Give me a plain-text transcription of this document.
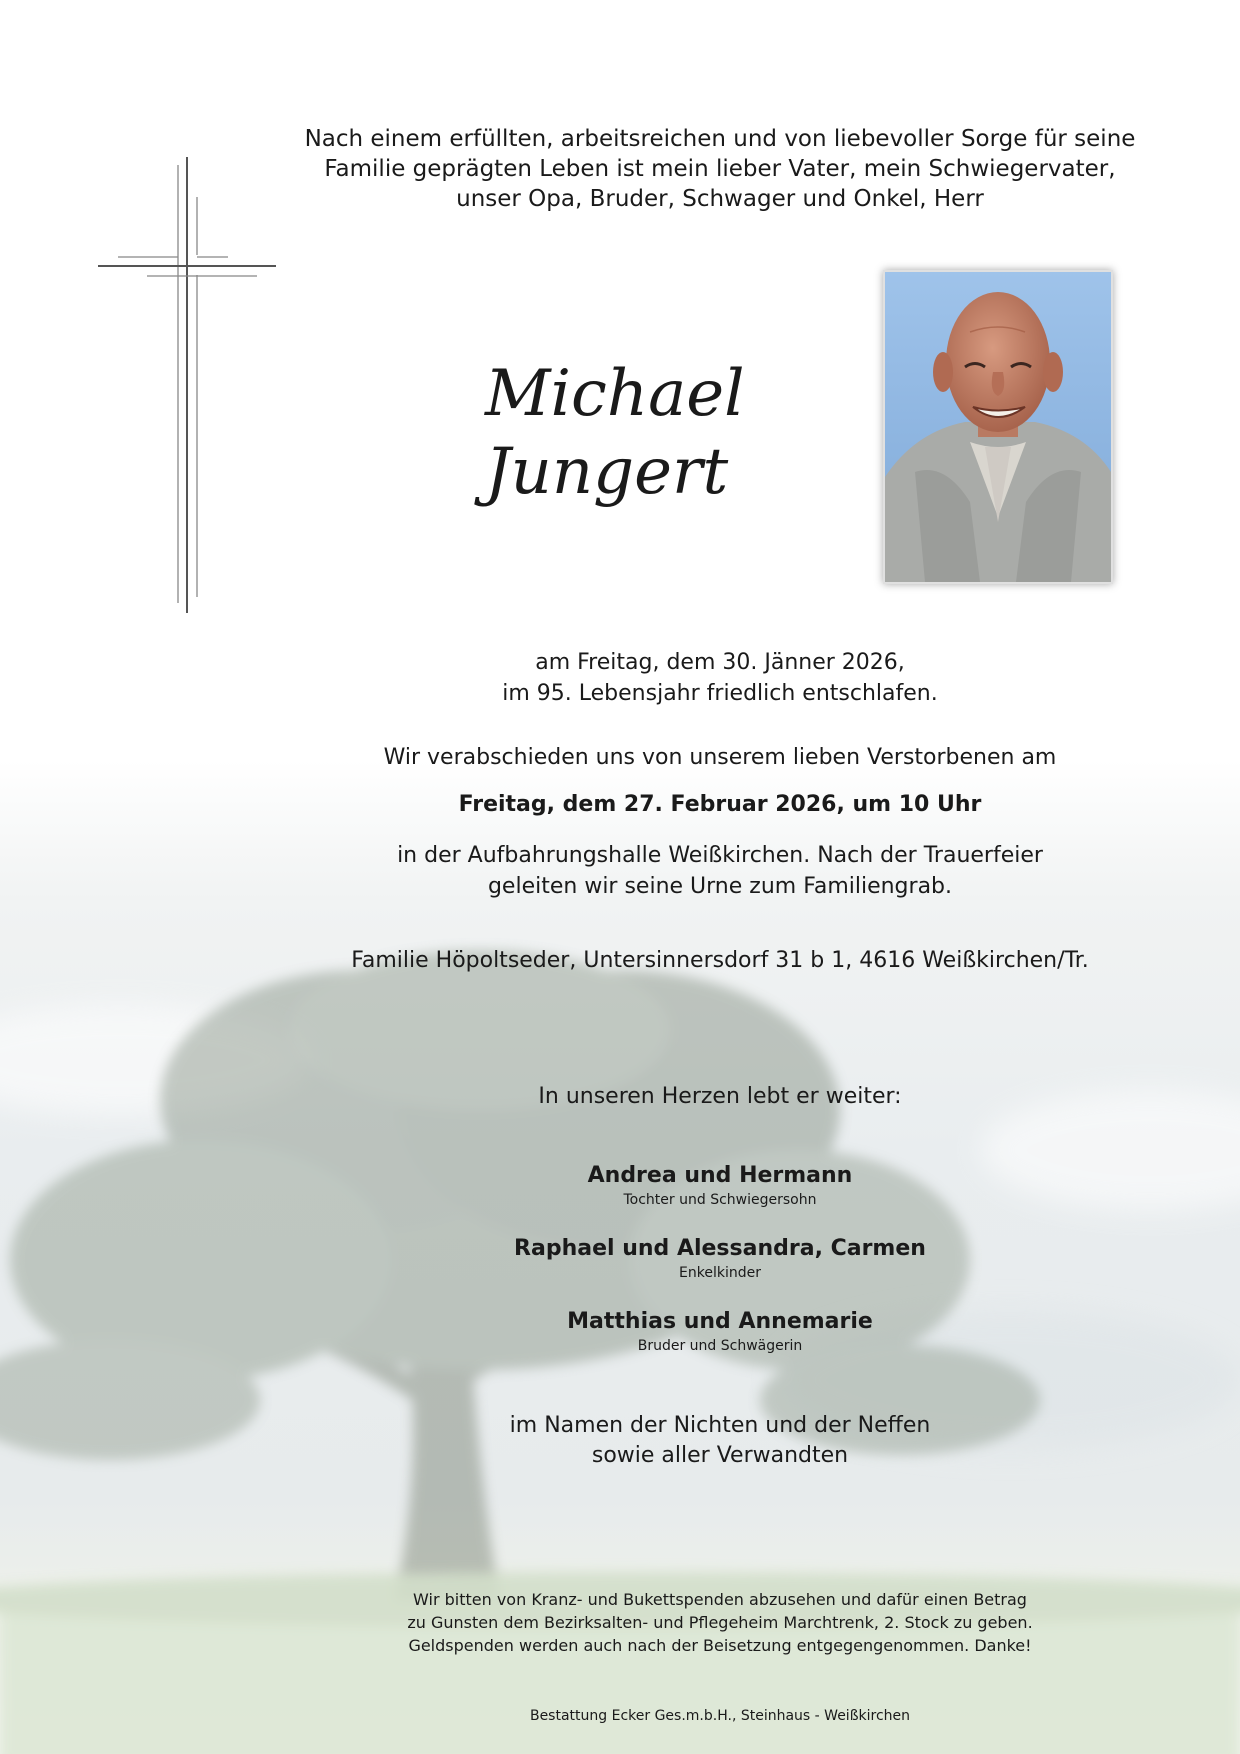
Nach einem erfüllten, arbeitsreichen und von liebevoller Sorge für seine
Familie geprägten Leben ist mein lieber Vater, mein Schwiegervater,
unser Opa, Bruder, Schwager und Onkel, Herr
Michael
Jungert
am Freitag, dem 30. Jänner 2026,
im 95. Lebensjahr friedlich entschlafen.
Wir verabschieden uns von unserem lieben Verstorbenen am
Freitag, dem 27. Februar 2026, um 10 Uhr
in der Aufbahrungshalle Weißkirchen. Nach der Trauerfeier
geleiten wir seine Urne zum Familiengrab.
Familie Höpoltseder, Untersinnersdorf 31 b 1, 4616 Weißkirchen/Tr.
In unseren Herzen lebt er weiter:
Andrea und Hermann
Tochter und Schwiegersohn
Raphael und Alessandra, Carmen
Enkelkinder
Matthias und Annemarie
Bruder und Schwägerin
im Namen der Nichten und der Neffen
sowie aller Verwandten
Wir bitten von Kranz- und Bukettspenden abzusehen und dafür einen Betrag
zu Gunsten dem Bezirksalten- und Pflegeheim Marchtrenk, 2. Stock zu geben.
Geldspenden werden auch nach der Beisetzung entgegengenommen. Danke!
Bestattung Ecker Ges.m.b.H., Steinhaus - Weißkirchen
